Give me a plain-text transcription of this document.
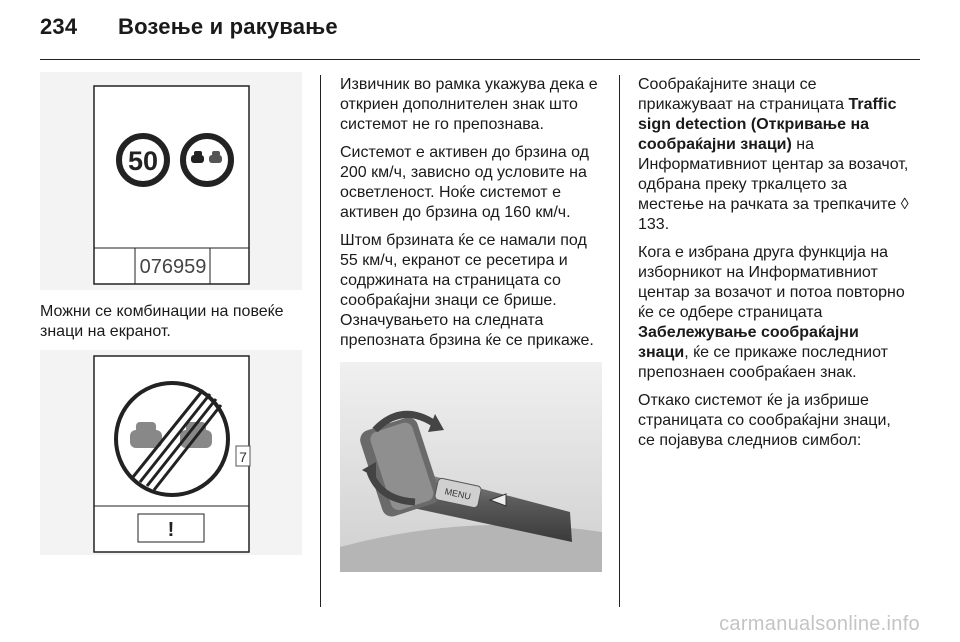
234 Возење и ракување
50
076959

Можни се комбинации на повеќе знаци на екранот.

!
7

Извичник во рамка укажува дека е откриен дополнителен знак што системот не го препознава.

Системот е активен до брзина од 200 км/ч, зависно од условите на осветленост. Ноќе системот е активен до брзина од 160 км/ч.

Штом брзината ќе се намали под 55 км/ч, екранот се ресетира и содржината на страницата со сообраќајни знаци се брише. Означувањето на следната препозната брзина ќе се прикаже.

MENU

Сообраќајните знаци се прикажуваат на страницата Traffic sign detection (Откривање на сообраќајни знаци) на Информативниот центар за возачот, одбрана преку тркалцето за местење на рачката за трепкачите ◊ 133.

Кога е избрана друга функција на изборникот на Информативниот центар за возачот и потоа повторно ќе се одбере страницата Забележување сообраќајни знаци, ќе се прикаже последниот препознаен сообраќаен знак.

Откако системот ќе ја избрише страницата со сообраќајни знаци, се појавува следниов симбол:

carmanualsonline.info
